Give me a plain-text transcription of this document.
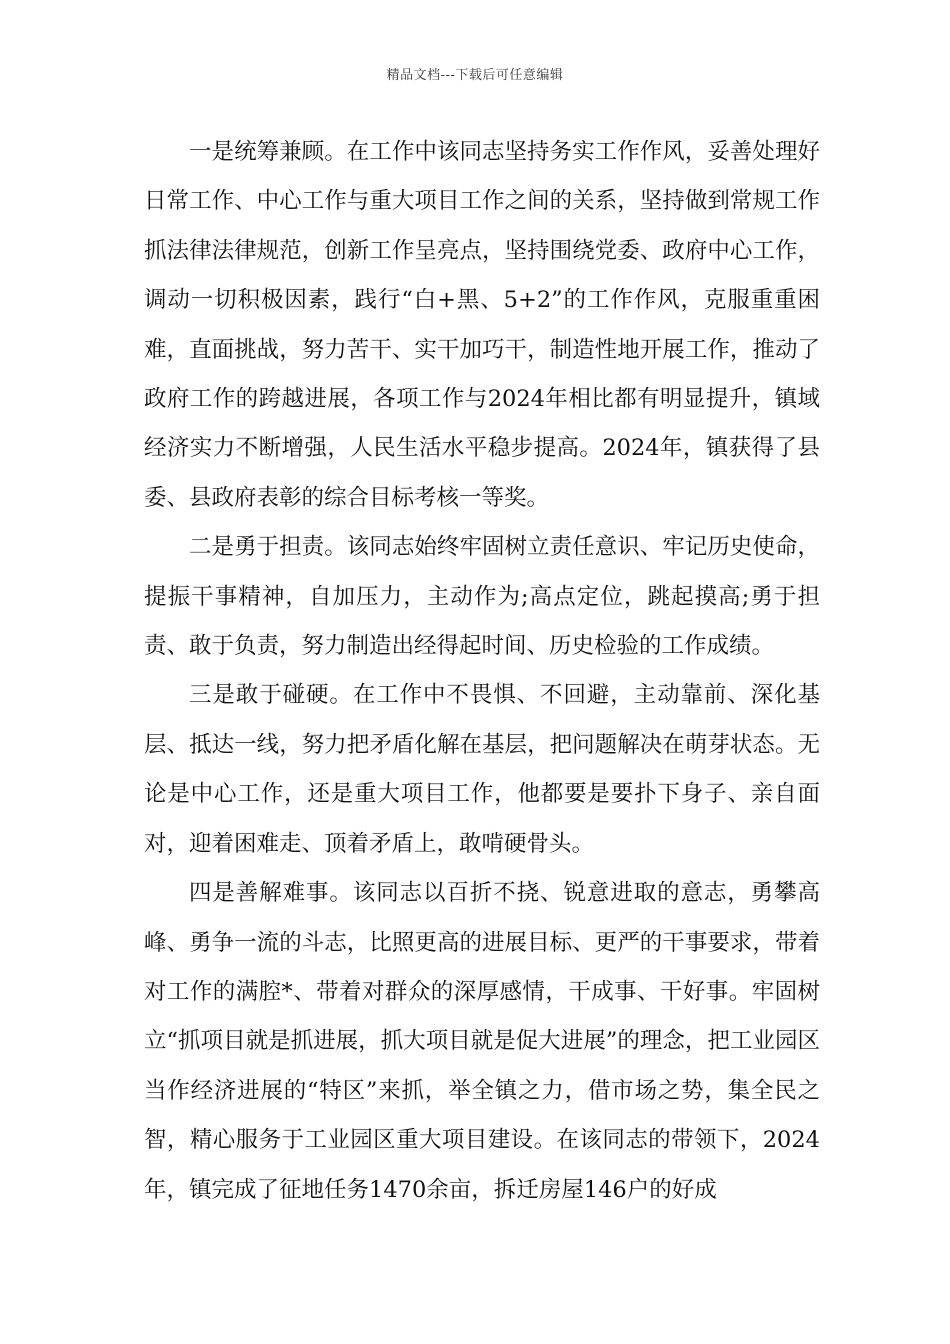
精品文档---下载后可任意编辑

一是统筹兼顾。在工作中该同志坚持务实工作作风，妥善处理好日常工作、中心工作与重大项目工作之间的关系，坚持做到常规工作抓法律法律规范，创新工作呈亮点，坚持围绕党委、政府中心工作，调动一切积极因素，践行“白+黑、5+2”的工作作风，克服重重困难，直面挑战，努力苦干、实干加巧干，制造性地开展工作，推动了政府工作的跨越进展，各项工作与2024年相比都有明显提升，镇域经济实力不断增强，人民生活水平稳步提高。2024年，镇获得了县委、县政府表彰的综合目标考核一等奖。

二是勇于担责。该同志始终牢固树立责任意识、牢记历史使命，提振干事精神，自加压力，主动作为;高点定位，跳起摸高;勇于担责、敢于负责，努力制造出经得起时间、历史检验的工作成绩。

三是敢于碰硬。在工作中不畏惧、不回避，主动靠前、深化基层、抵达一线，努力把矛盾化解在基层，把问题解决在萌芽状态。无论是中心工作，还是重大项目工作，他都要是要扑下身子、亲自面对，迎着困难走、顶着矛盾上，敢啃硬骨头。

四是善解难事。该同志以百折不挠、锐意进取的意志，勇攀高峰、勇争一流的斗志，比照更高的进展目标、更严的干事要求，带着对工作的满腔*、带着对群众的深厚感情，干成事、干好事。牢固树立“抓项目就是抓进展，抓大项目就是促大进展”的理念，把工业园区当作经济进展的“特区”来抓，举全镇之力，借市场之势，集全民之智，精心服务于工业园区重大项目建设。在该同志的带领下，2024年，镇完成了征地任务1470余亩，拆迁房屋146户的好成
